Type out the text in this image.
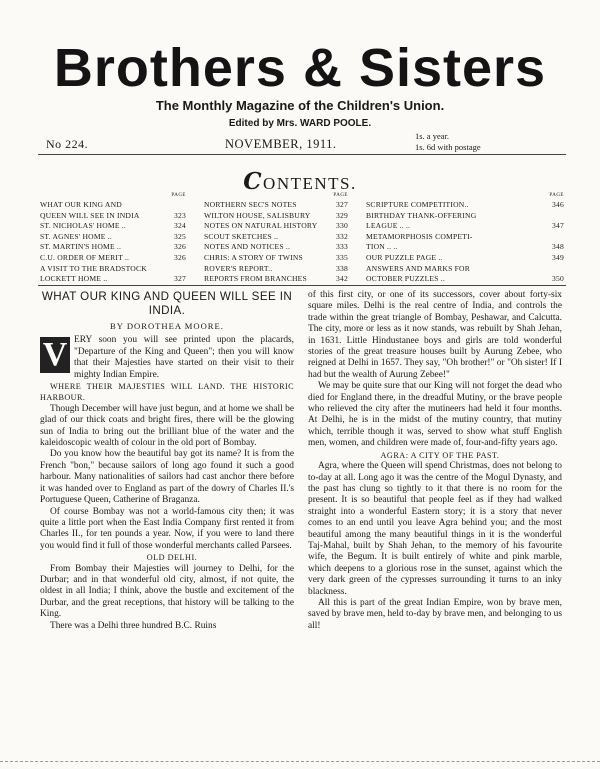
Brothers & Sisters
The Monthly Magazine of the Children's Union.
Edited by Mrs. WARD POOLE.
No 224.	NOVEMBER, 1911.
1s. a year.
1s. 6d with postage
CONTENTS.
PAGE
WHAT OUR KING AND
QUEEN WILL SEE IN INDIA	323
ST. NICHOLAS' HOME ..	324
ST. AGNES' HOME ..	325
ST. MARTIN'S HOME ..	326
C.U. ORDER OF MERIT ..	326
A VISIT TO THE BRADSTOCK
LOCKETT HOME ..	327
PAGE
NORTHERN SEC'S NOTES	327
WILTON HOUSE, SALISBURY	329
NOTES ON NATURAL HISTORY 330
SCOUT SKETCHES ..	332
NOTES AND NOTICES ..	333
CHRIS: A STORY OF TWINS	335
ROVER'S REPORT..	338
REPORTS FROM BRANCHES	342
PAGE
SCRIPTURE COMPETITION..	346
BIRTHDAY THANK-OFFERING
LEAGUE .. ..	347
METAMORPHOSIS COMPETI-
TION .. ..	348
OUR PUZZLE PAGE ..	349
ANSWERS AND MARKS FOR
OCTOBER PUZZLES ..	350
WHAT OUR KING AND QUEEN WILL SEE IN INDIA.
BY DOROTHEA MOORE.

V ERY soon you will see printed upon the placards, "Departure of the King and Queen"; then you will know that their Majesties have started on their visit to their mighty Indian Empire.

WHERE THEIR MAJESTIES WILL LAND. THE HISTORIC HARBOUR.

Though December will have just begun, and at home we shall be glad of our thick coats and bright fires, there will be the glowing sun of India to bring out the brilliant blue of the water and the kaleidoscopic wealth of colour in the old port of Bombay.

Do you know how the beautiful bay got its name? It is from the French "bon," because sailors of long ago found it such a good harbour. Many nationalities of sailors had cast anchor there before it was handed over to England as part of the dowry of Charles II.'s Portuguese Queen, Catherine of Braganza.

Of course Bombay was not a world-famous city then; it was quite a little port when the East India Company first rented it from Charles II., for ten pounds a year. Now, if you were to land there you would find it full of those wonderful merchants called Parsees.

OLD DELHI.

From Bombay their Majesties will journey to Delhi, for the Durbar; and in that wonderful old city, almost, if not quite, the oldest in all India; I think, above the bustle and excitement of the Durbar, and the great receptions, that history will be talking to the King.

There was a Delhi three hundred B.C. Ruins

of this first city, or one of its successors, cover about forty-six square miles. Delhi is the real centre of India, and controls the trade within the great triangle of Bombay, Peshawar, and Calcutta. The city, more or less as it now stands, was rebuilt by Shah Jehan, in 1631. Little Hindustanee boys and girls are told wonderful stories of the great treasure houses built by Aurung Zebee, who reigned at Delhi in 1657. They say, "Oh brother!" or "Oh sister! If I had but the wealth of Aurung Zebee!"

We may be quite sure that our King will not forget the dead who died for England there, in the dreadful Mutiny, or the brave people who relieved the city after the mutineers had held it four months. At Delhi, he is in the midst of the mutiny country, that mutiny which, terrible though it was, served to show what stuff English men, women, and children were made of, four-and-fifty years ago.

AGRA: A CITY OF THE PAST.

Agra, where the Queen will spend Christmas, does not belong to to-day at all. Long ago it was the centre of the Mogul Dynasty, and the past has clung so tightly to it that there is no room for the present. It is so beautiful that people feel as if they had walked straight into a wonderful Eastern story; it is a story that never comes to an end until you leave Agra behind you; and the most beautiful among the many beautiful things in it is the wonderful Taj-Mahal, built by Shah Jehan, to the memory of his favourite wife, the Begum. It is built entirely of white and pink marble, which deepens to a glorious rose in the sunset, against which the very dark green of the cypresses surrounding it turns to an inky blackness.

All this is part of the great Indian Empire, won by brave men, saved by brave men, held to-day by brave men, and belonging to us all!
